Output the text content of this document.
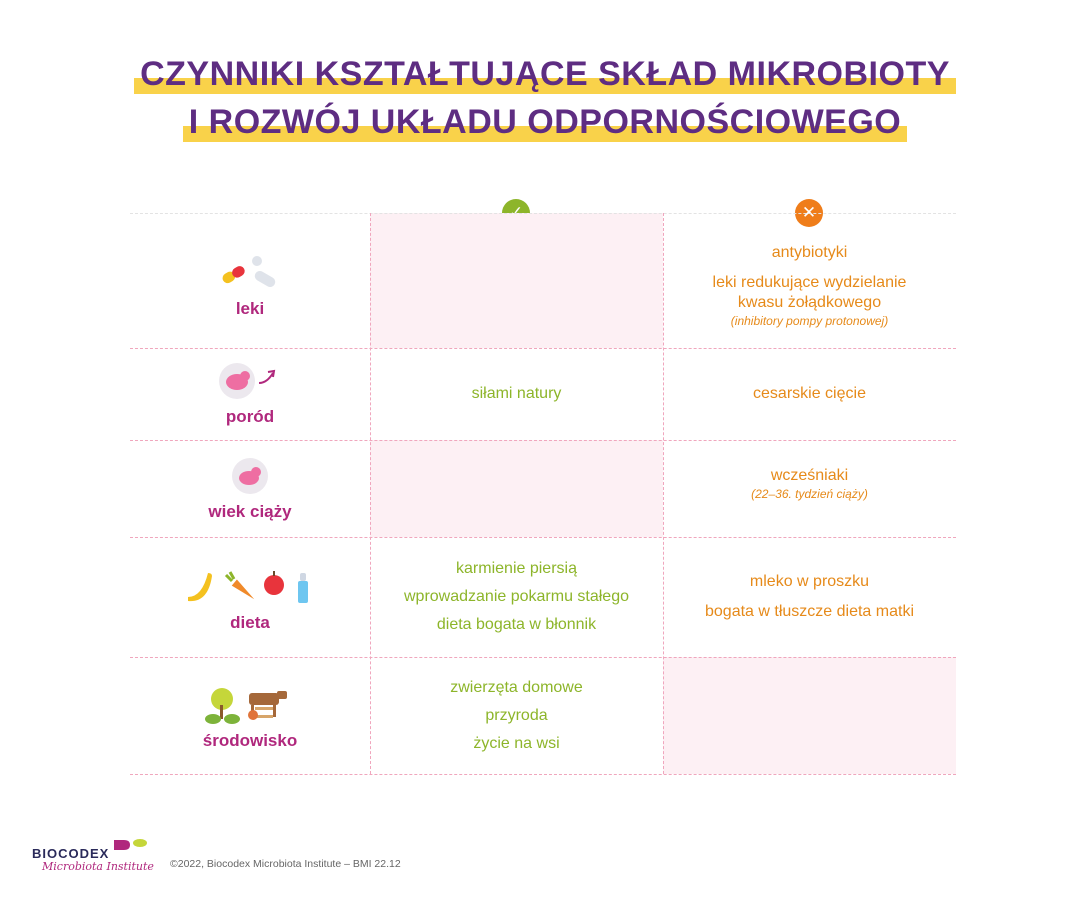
CZYNNIKI KSZTAŁTUJĄCE SKŁAD MIKROBIOTY
I ROZWÓJ UKŁADU ODPORNOŚCIOWEGO
✕
leki
antybiotyki
leki redukujące wydzielanie kwasu żołądkowego
(inhibitory pompy protonowej)
poród
siłami natury	cesarskie cięcie
wiek ciąży
wcześniaki
(22–36. tydzień ciąży)
dieta
karmienie piersią
wprowadzanie pokarmu stałego
dieta bogata w błonnik
mleko w proszku
bogata w tłuszcze dieta matki
środowisko
zwierzęta domowe
przyroda
życie na wsi
BIOCODEX
Microbiota Institute ©2022, Biocodex Microbiota Institute – BMI 22.12
